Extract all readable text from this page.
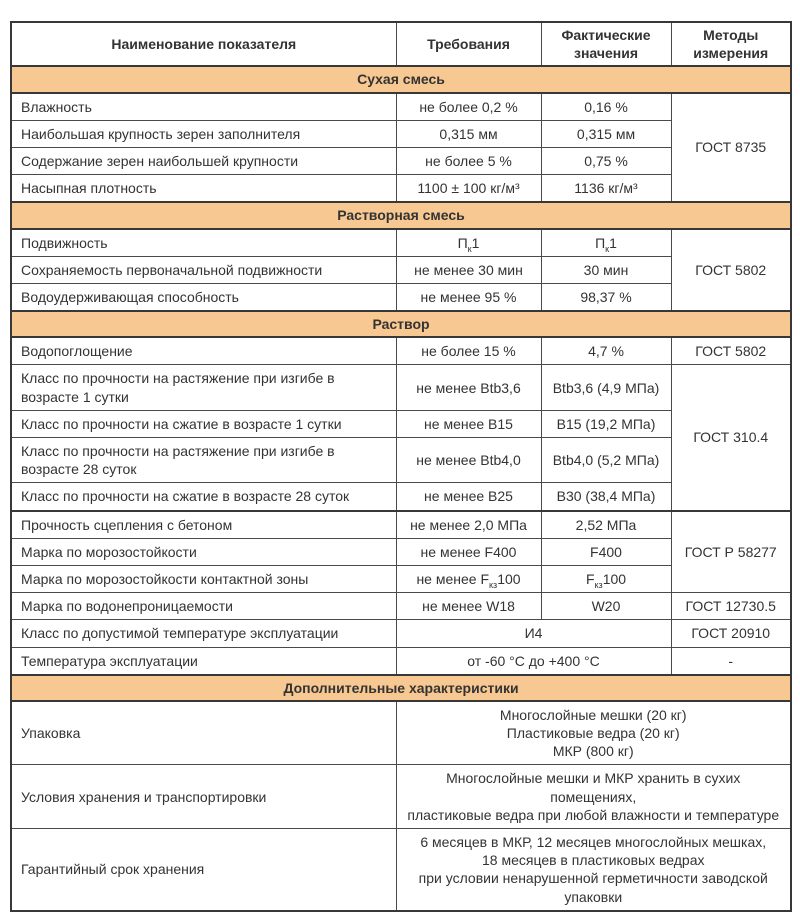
Наименование показателя	Требования	Фактические значения	Методы измерения
Сухая смесь			
Влажность	не более 0,2 %	0,16 %	ГОСТ 8735
Наибольшая крупность зерен заполнителя	0,315 мм	0,315 мм	
Содержание зерен наибольшей крупности	не более 5 %	0,75 %	
Насыпная плотность	1100 ± 100 кг/м³	1136 кг/м³	
Растворная смесь			
Подвижность	$П_к1$	$П_к1$	ГОСТ 5802
Сохраняемость первоначальной подвижности	не менее 30 мин	30 мин	
Водоудерживающая способность	не менее 95 %	98,37 %	
Раствор			
Водопоглощение	не более 15 %	4,7 %	ГОСТ 5802
Класс по прочности на растяжение при изгибе в возрасте 1 сутки	не менее Btb3,6	Btb3,6 (4,9 МПа)	ГОСТ 310.4
Класс по прочности на сжатие в возрасте 1 сутки	не менее B15	B15 (19,2 МПа)	
Класс по прочности на растяжение при изгибе в возрасте 28 суток	не менее Btb4,0	Btb4,0 (5,2 МПа)	
Класс по прочности на сжатие в возрасте 28 суток	не менее B25	B30 (38,4 МПа)	
Прочность сцепления с бетоном	не менее 2,0 МПа	2,52 МПа	ГОСТ Р 58277
Марка по морозостойкости	не менее F400	F400	
Марка по морозостойкости контактной зоны	не менее $F_{кз}100$	$F_{кз}100$	
Марка по водонепроницаемости	не менее W18	W20	ГОСТ 12730.5
Класс по допустимой температуре эксплуатации	И4		ГОСТ 20910
Температура эксплуатации	от -60 °С до +400 °С		-
Дополнительные характеристики			
Упаковка	Многослойные мешки (20 кг)
Пластиковые ведра (20 кг)
МКР (800 кг)		
Условия хранения и транспортировки	Многослойные мешки и МКР хранить в сухих помещениях,
пластиковые ведра при любой влажности и температуре		
Гарантийный срок хранения	6 месяцев в МКР, 12 месяцев многослойных мешках,
18 месяцев в пластиковых ведрах
при условии ненарушенной герметичности заводской упаковки		
